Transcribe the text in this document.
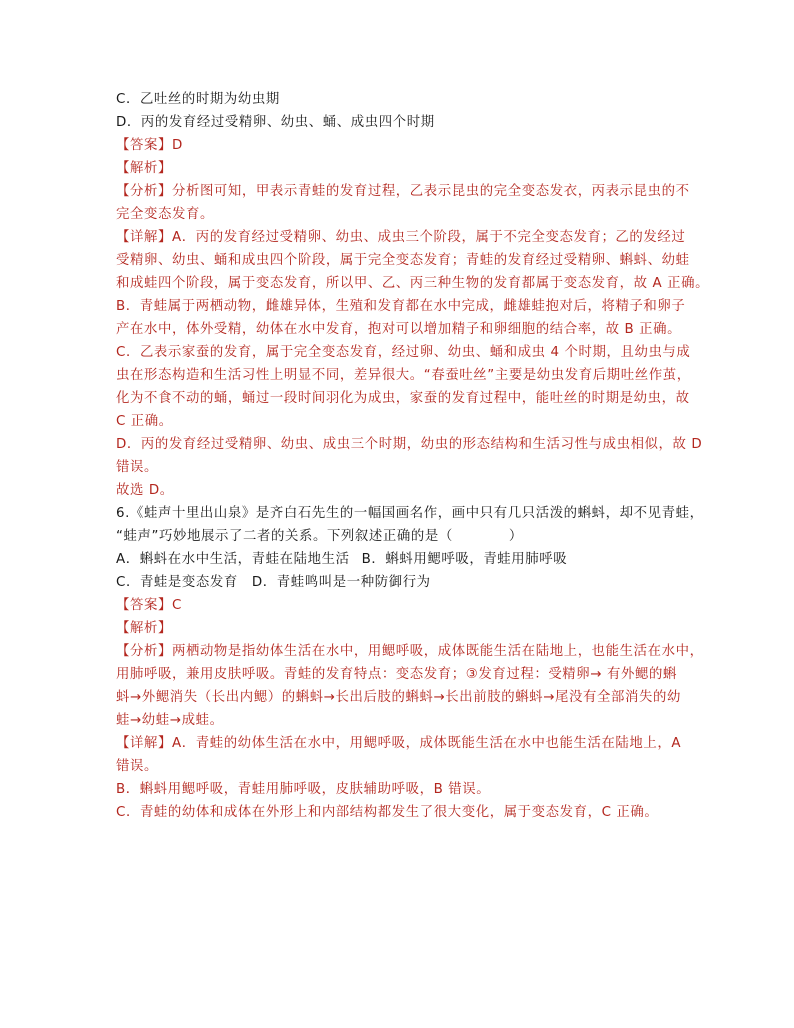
C．乙吐丝的时期为幼虫期
D．丙的发育经过受精卵、幼虫、蛹、成虫四个时期
【答案】D
【解析】
【分析】分析图可知，甲表示青蛙的发育过程，乙表示昆虫的完全变态发衣，丙表示昆虫的不
完全变态发育。
【详解】A．丙的发育经过受精卵、幼虫、成虫三个阶段，属于不完全变态发育；乙的发经过
受精卵、幼虫、蛹和成虫四个阶段，属于完全变态发育；青蛙的发育经过受精卵、蝌蚪、幼蛙
和成蛙四个阶段，属于变态发育，所以甲、乙、丙三种生物的发育都属于变态发育，故 A 正确。
B．青蛙属于两栖动物，雌雄异体，生殖和发育都在水中完成，雌雄蛙抱对后，将精子和卵子
产在水中，体外受精，幼体在水中发育，抱对可以增加精子和卵细胞的结合率，故 B 正确。
C．乙表示家蚕的发育，属于完全变态发育，经过卵、幼虫、蛹和成虫 4 个时期，且幼虫与成
虫在形态构造和生活习性上明显不同，差异很大。“春蚕吐丝”主要是幼虫发育后期吐丝作茧，
化为不食不动的蛹，蛹过一段时间羽化为成虫，家蚕的发育过程中，能吐丝的时期是幼虫，故
C 正确。
D．丙的发育经过受精卵、幼虫、成虫三个时期，幼虫的形态结构和生活习性与成虫相似，故 D
错误。
故选 D。
6.《蛙声十里出山泉》是齐白石先生的一幅国画名作，画中只有几只活泼的蝌蚪，却不见青蛙，
“蛙声”巧妙地展示了二者的关系。下列叙述正确的是（　　　　）
A．蝌蚪在水中生活，青蛙在陆地生活 B．蝌蚪用鳃呼吸，青蛙用肺呼吸
C．青蛙是变态发育 D．青蛙鸣叫是一种防御行为
【答案】C
【解析】
【分析】两栖动物是指幼体生活在水中，用鳃呼吸，成体既能生活在陆地上，也能生活在水中，
用肺呼吸，兼用皮肤呼吸。青蛙的发育特点：变态发育；③发育过程：受精卵→ 有外鳃的蝌
蚪→外鳃消失（长出内鳃）的蝌蚪→长出后肢的蝌蚪→长出前肢的蝌蚪→尾没有全部消失的幼
蛙→幼蛙→成蛙。
【详解】A．青蛙的幼体生活在水中，用鳃呼吸，成体既能生活在水中也能生活在陆地上，A
错误。
B．蝌蚪用鳃呼吸，青蛙用肺呼吸，皮肤辅助呼吸，B 错误。
C．青蛙的幼体和成体在外形上和内部结构都发生了很大变化，属于变态发育，C 正确。
